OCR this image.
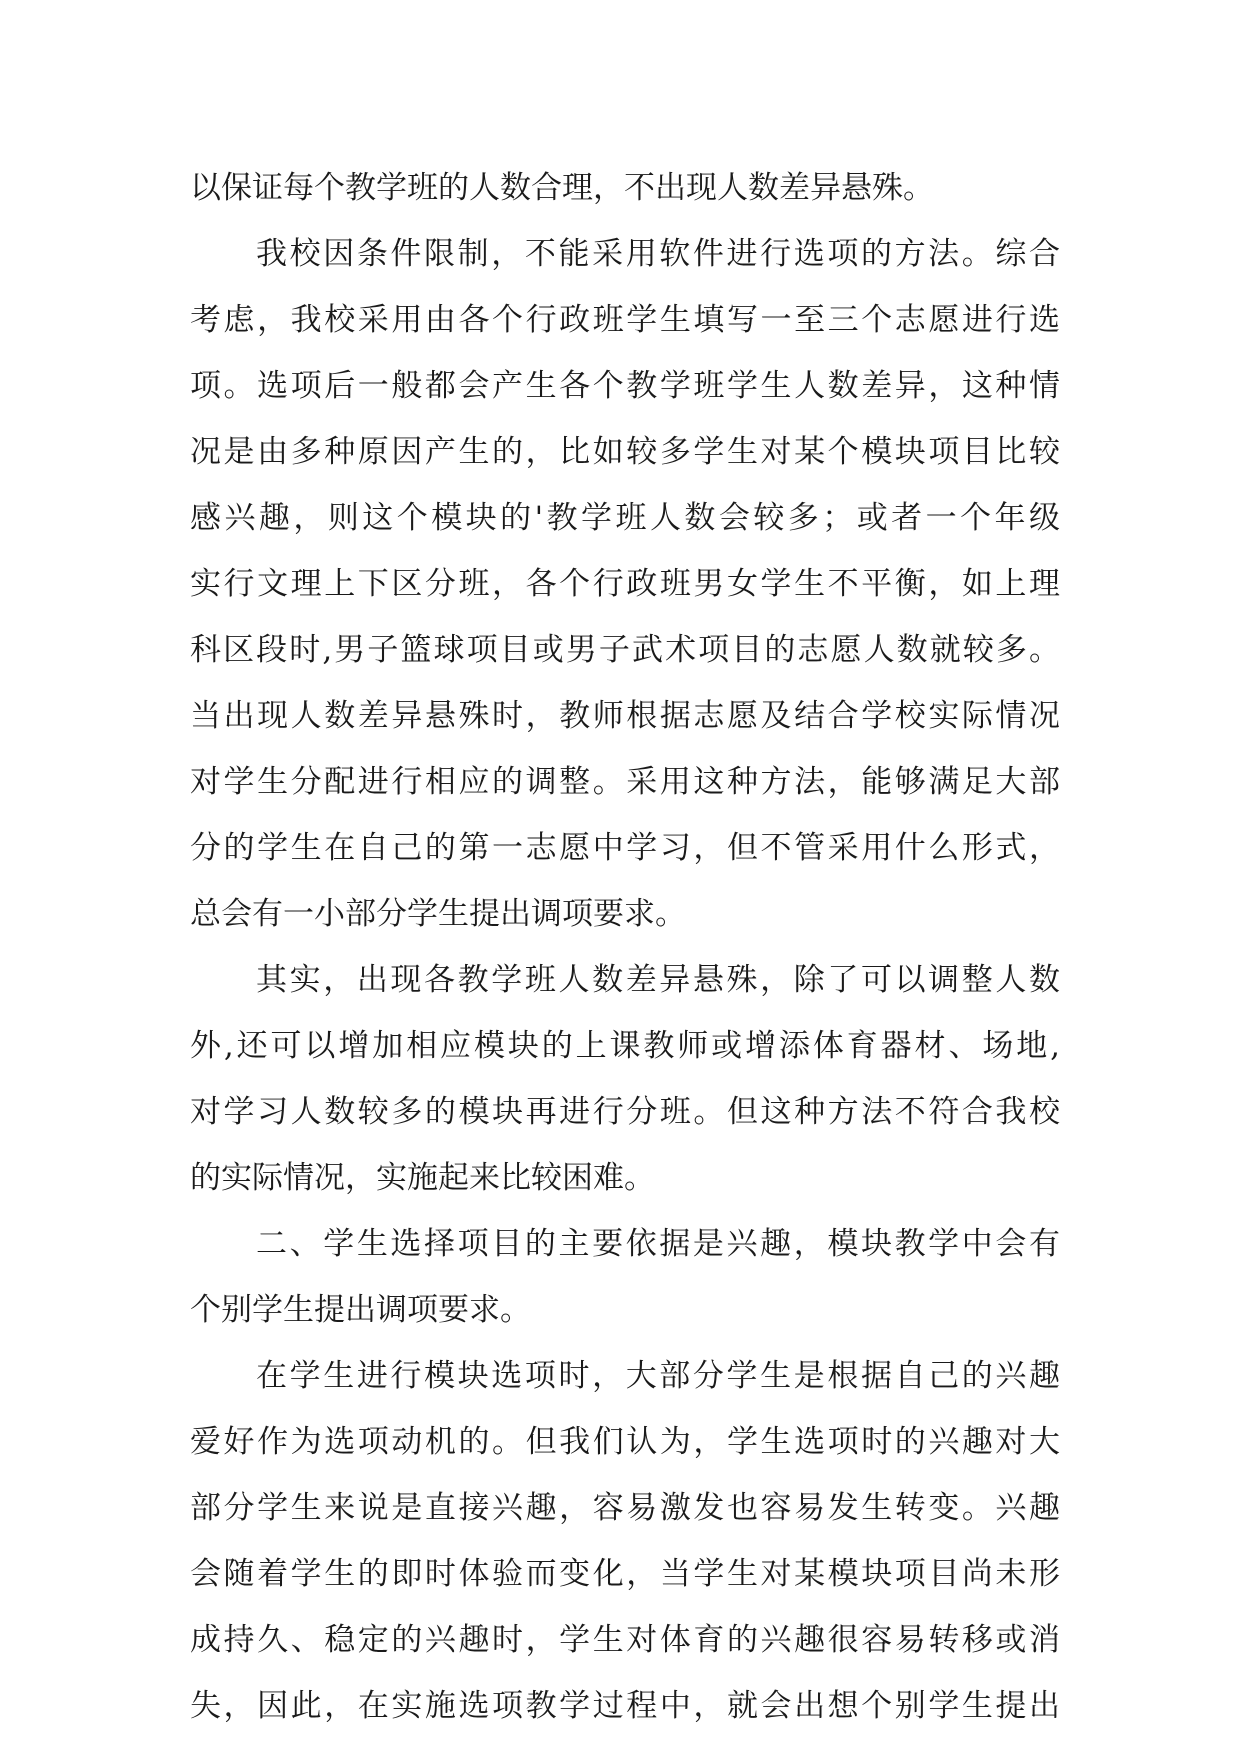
以保证每个教学班的人数合理，不出现人数差异悬殊。
我校因条件限制，不能采用软件进行选项的方法。综合
考虑，我校采用由各个行政班学生填写一至三个志愿进行选
项。选项后一般都会产生各个教学班学生人数差异，这种情
况是由多种原因产生的，比如较多学生对某个模块项目比较
感兴趣，则这个模块的'教学班人数会较多；或者一个年级
实行文理上下区分班，各个行政班男女学生不平衡，如上理
科区段时,男子篮球项目或男子武术项目的志愿人数就较多。
当出现人数差异悬殊时，教师根据志愿及结合学校实际情况
对学生分配进行相应的调整。采用这种方法，能够满足大部
分的学生在自己的第一志愿中学习，但不管采用什么形式，
总会有一小部分学生提出调项要求。
其实，出现各教学班人数差异悬殊，除了可以调整人数
外,还可以增加相应模块的上课教师或增添体育器材、场地,
对学习人数较多的模块再进行分班。但这种方法不符合我校
的实际情况，实施起来比较困难。
二、学生选择项目的主要依据是兴趣，模块教学中会有
个别学生提出调项要求。
在学生进行模块选项时，大部分学生是根据自己的兴趣
爱好作为选项动机的。但我们认为，学生选项时的兴趣对大
部分学生来说是直接兴趣，容易激发也容易发生转变。兴趣
会随着学生的即时体验而变化，当学生对某模块项目尚未形
成持久、稳定的兴趣时，学生对体育的兴趣很容易转移或消
失，因此，在实施选项教学过程中，就会出想个别学生提出
